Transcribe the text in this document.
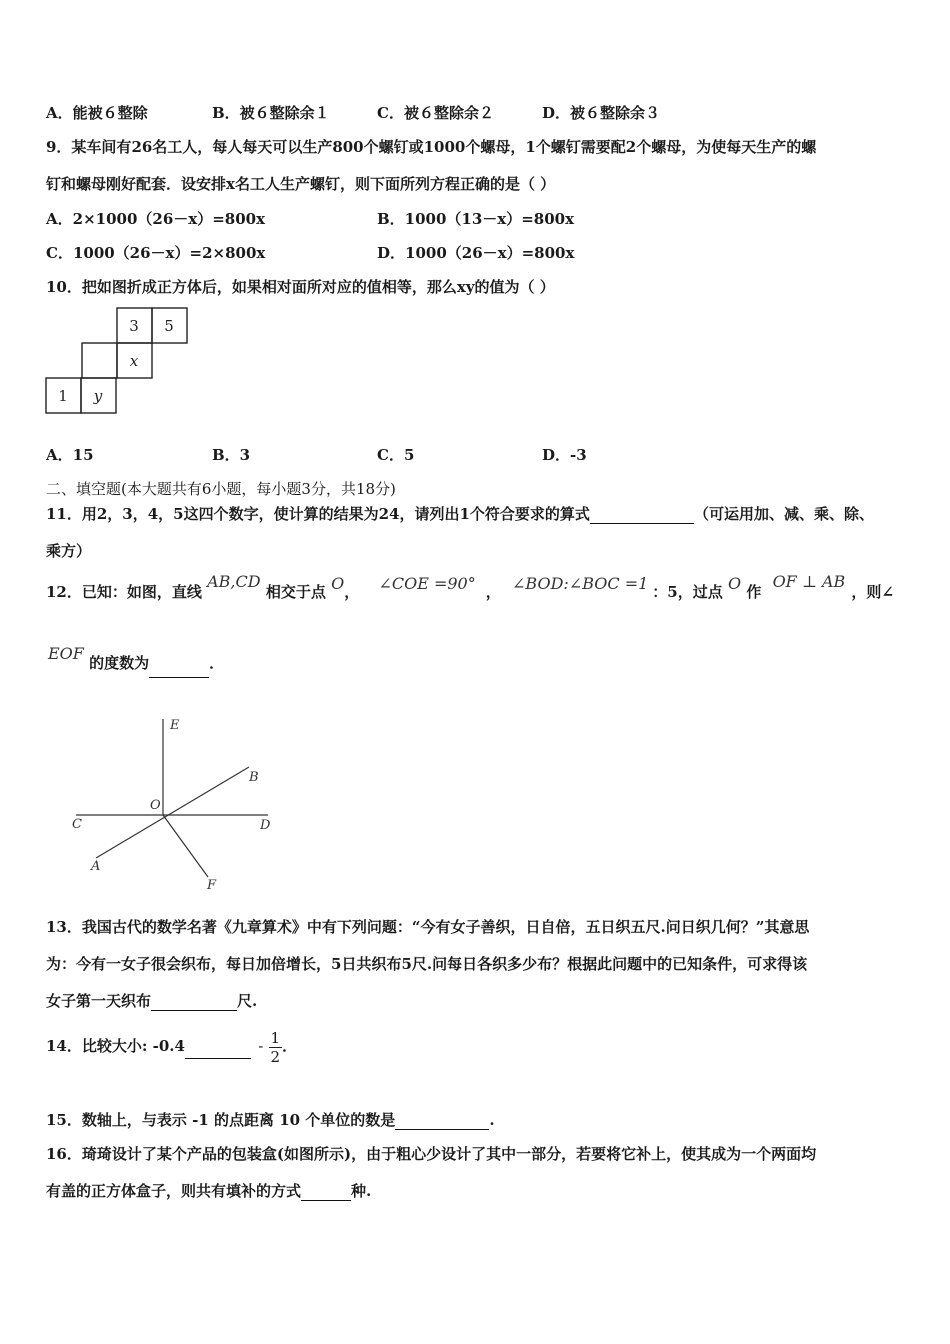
A．能被６整除	B．被６整除余１	C．被６整除余２	D．被６整除余３
9．某车间有26名工人，每人每天可以生产800个螺钉或1000个螺母，1个螺钉需要配2个螺母，为使每天生产的螺
钉和螺母刚好配套．设安排x名工人生产螺钉，则下面所列方程正确的是（ ）
A．2×1000（26－x）=800x	B．1000（13－x）=800x
C．1000（26－x）=2×800x	D．1000（26－x）=800x
10．把如图折成正方体后，如果相对面所对应的值相等，那么xy的值为（ ）
3 5
x
1 y
A．15	B．3	C．5	D．-3
二、填空题(本大题共有6小题，每小题3分，共18分)
11．用2，3，4，5这四个数字，使计算的结果为24，请列出1个符合要求的算式	（可运用加、减、乘、除、
乘方）
12．已知：如图，直线 AB,CD 相交于点 O， ∠COE =90° ， ∠BOD:∠BOC =1 ：5，过点 O 作 OF ⊥ AB，则∠
EOF 的度数为	．
E
B
O
C	D
A
F
13．我国古代的数学名著《九章算术》中有下列问题：“今有女子善织，日自倍，五日织五尺.问日织几何？”其意思
为：今有一女子很会织布，每日加倍增长，5日共织布5尺.问每日各织多少布？根据此问题中的已知条件，可求得该
女子第一天织布	尺.
14．比较大小: -0.4	- $\frac{1}{2}$ ．
15．数轴上，与表示 -1 的点距离 10 个单位的数是	.
16．琦琦设计了某个产品的包装盒(如图所示)，由于粗心少设计了其中一部分，若要将它补上，使其成为一个两面均
有盖的正方体盒子，则共有填补的方式	种.
